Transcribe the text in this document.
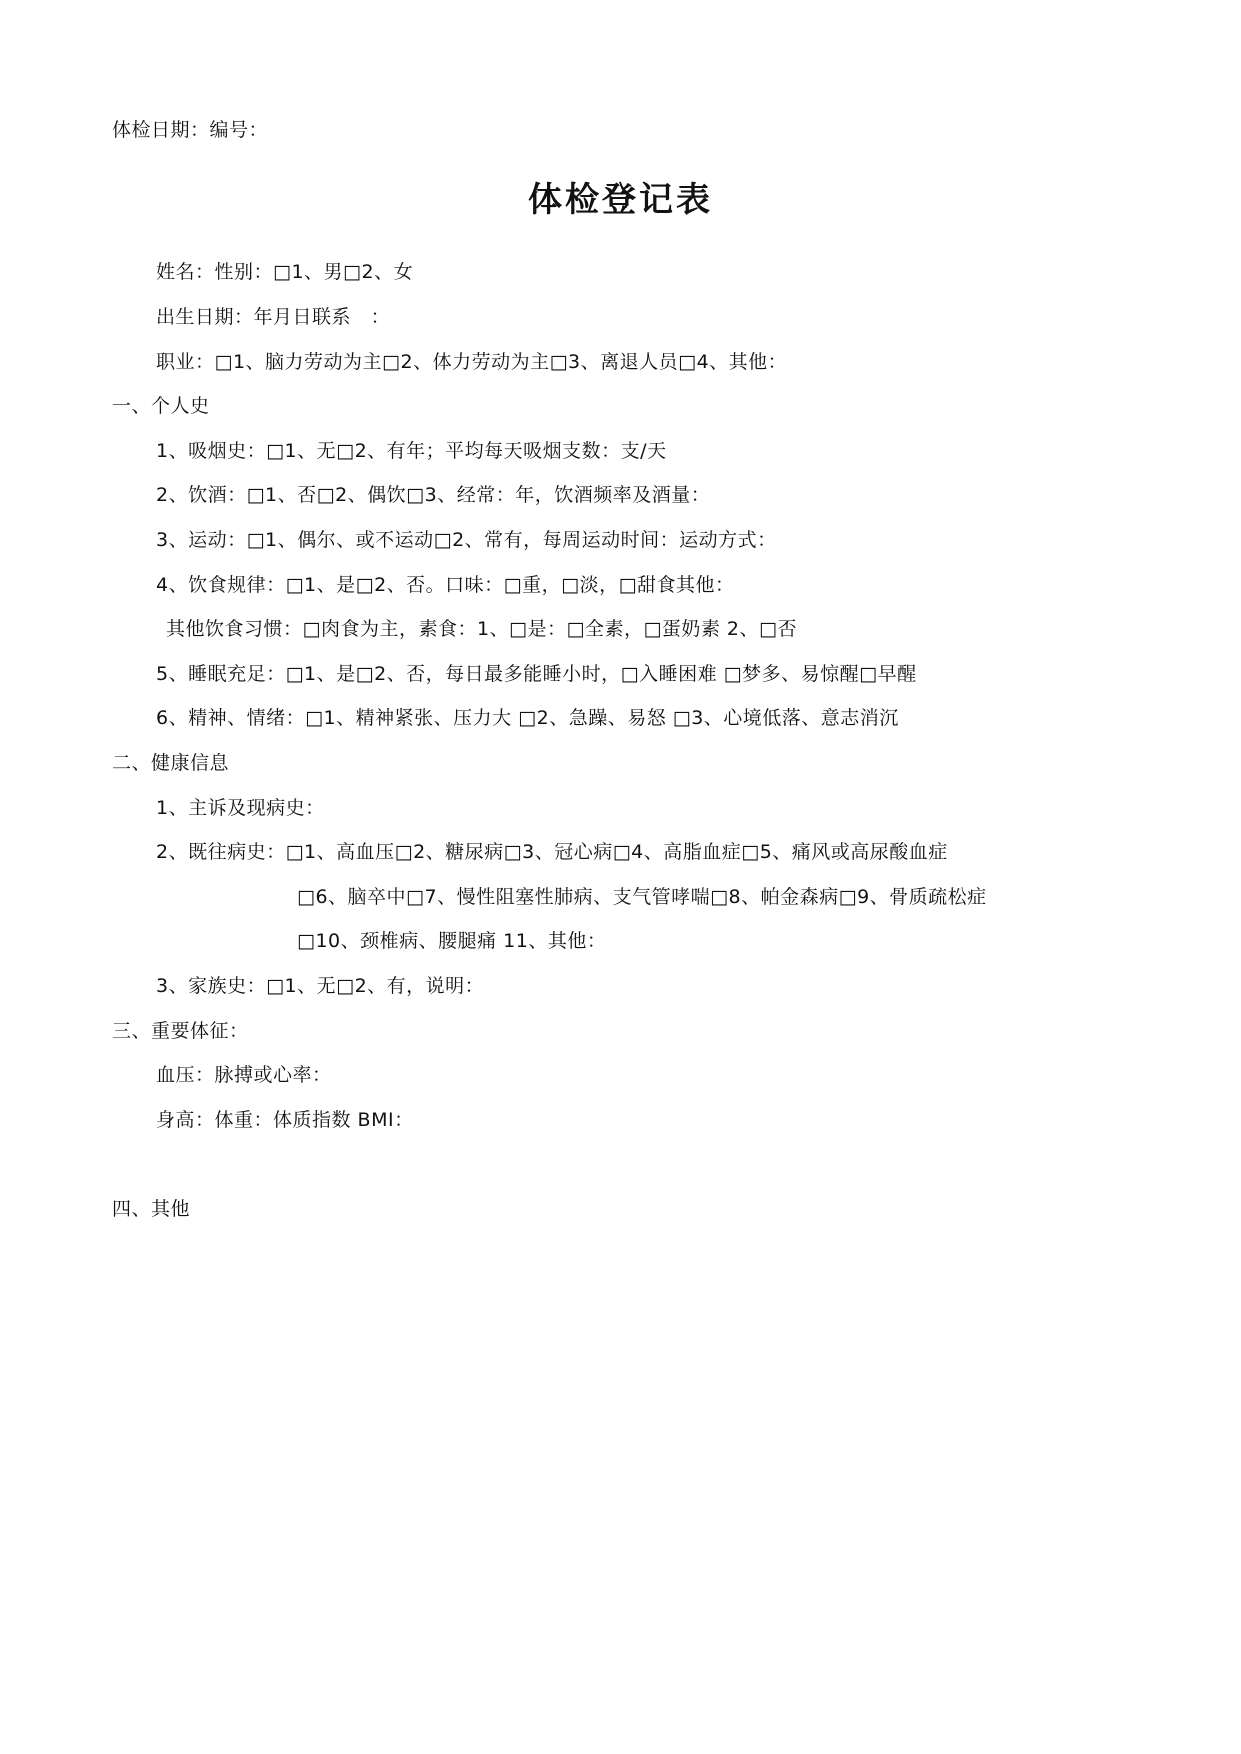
体检日期：编号：
体检登记表
姓名：性别：□1、男□2、女
出生日期：年月日联系   ：
职业：□1、脑力劳动为主□2、体力劳动为主□3、离退人员□4、其他：
一、个人史
1、吸烟史：□1、无□2、有年；平均每天吸烟支数：支/天
2、饮酒：□1、否□2、偶饮□3、经常：年，饮酒频率及酒量：
3、运动：□1、偶尔、或不运动□2、常有，每周运动时间：运动方式：
4、饮食规律：□1、是□2、否。口味：□重，□淡，□甜食其他：
其他饮食习惯：□肉食为主，素食：1、□是：□全素，□蛋奶素 2、□否
5、睡眠充足：□1、是□2、否，每日最多能睡小时，□入睡困难 □梦多、易惊醒□早醒
6、精神、情绪：□1、精神紧张、压力大 □2、急躁、易怒 □3、心境低落、意志消沉
二、健康信息
1、主诉及现病史：
2、既往病史：□1、高血压□2、糖尿病□3、冠心病□4、高脂血症□5、痛风或高尿酸血症
□6、脑卒中□7、慢性阻塞性肺病、支气管哮喘□8、帕金森病□9、骨质疏松症
□10、颈椎病、腰腿痛 11、其他：
3、家族史：□1、无□2、有，说明：
三、重要体征：
血压：脉搏或心率：
身高：体重：体质指数 BMI：
四、其他
